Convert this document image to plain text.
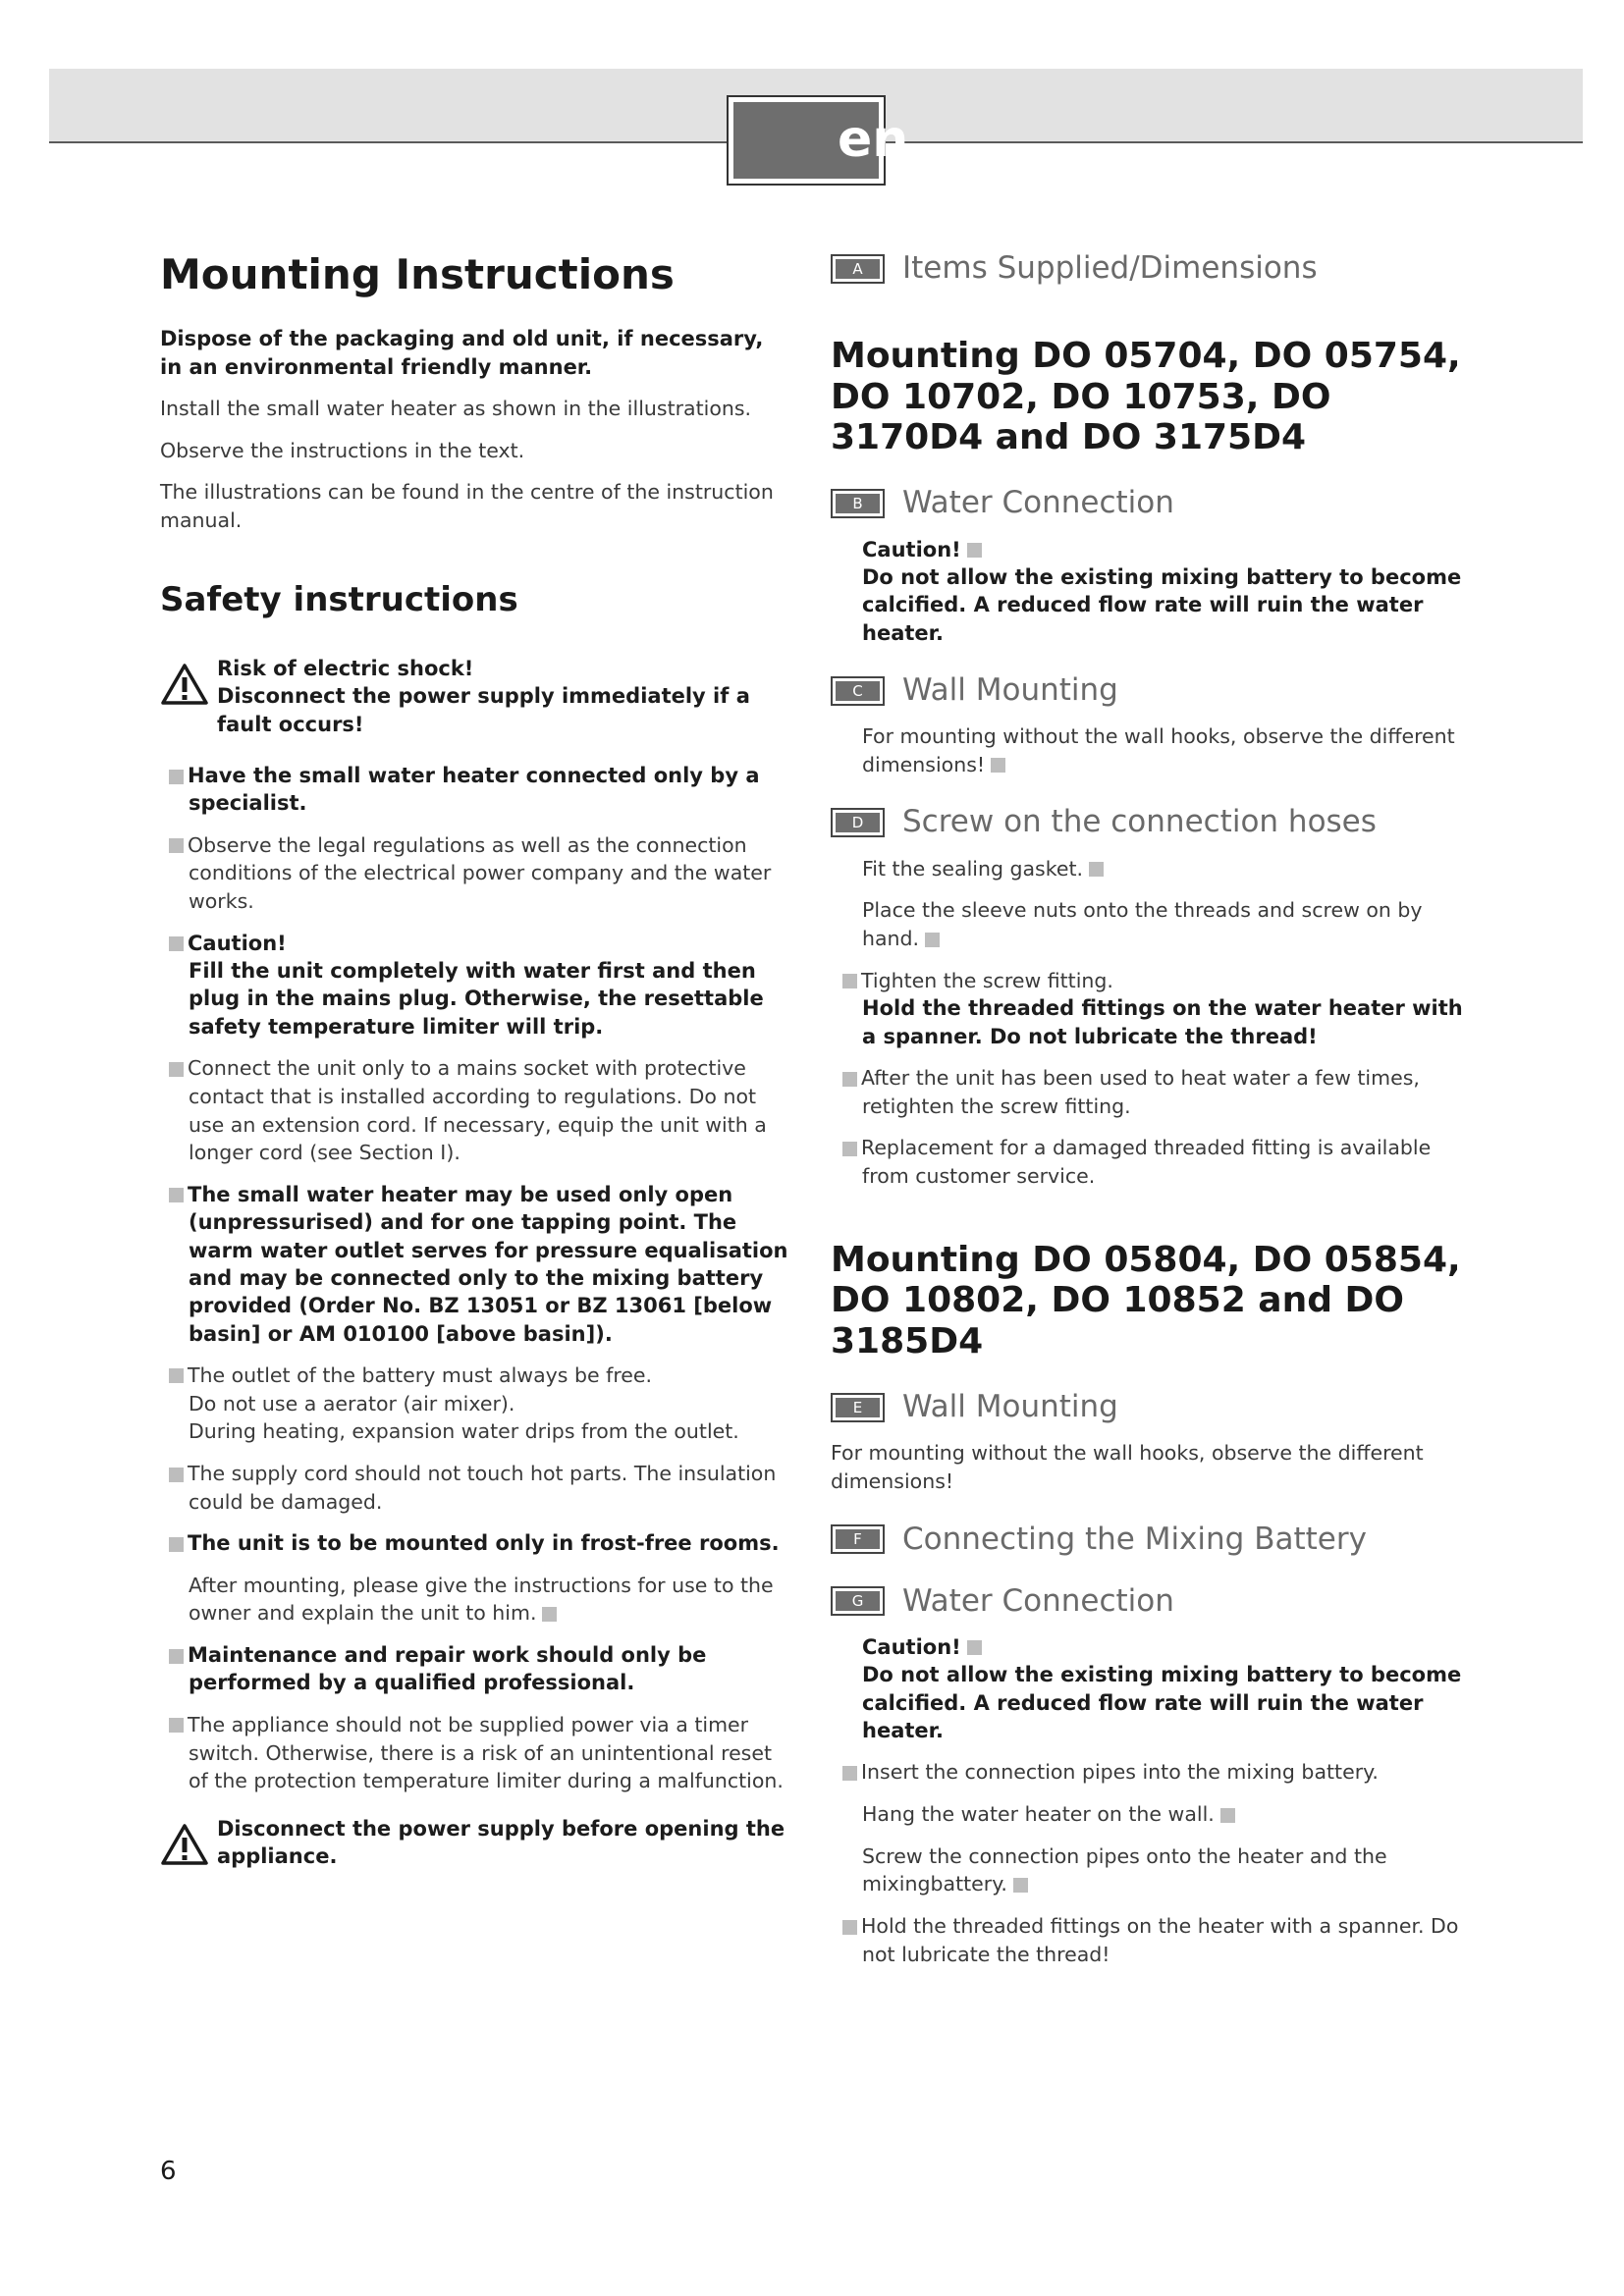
en
Mounting Instructions

Dispose of the packaging and old unit, if necessary, in an environmental friendly manner.

Install the small water heater as shown in the illustrations.

Observe the instructions in the text.

The illustrations can be found in the centre of the instruction manual.

Safety instructions

Risk of electric shock!

Disconnect the power supply immediately if a fault occurs!

Have the small water heater connected only by a specialist.

Observe the legal regulations as well as the connection conditions of the electrical power company and the water works.

Caution!

Fill the unit completely with water first and then plug in the mains plug. Otherwise, the resettable safety temperature limiter will trip.

Connect the unit only to a mains socket with protective contact that is installed according to regulations. Do not use an extension cord. If necessary, equip the unit with a longer cord (see Section I).

The small water heater may be used only open (unpressurised) and for one tapping point. The warm water outlet serves for pressure equalisation and may be connected only to the mixing battery provided (Order No. BZ 13051 or BZ 13061 [below basin] or AM 010100 [above basin]).

The outlet of the battery must always be free.

Do not use a aerator (air mixer).

During heating, expansion water drips from the outlet.

The supply cord should not touch hot parts. The insulation could be damaged.

The unit is to be mounted only in frost-free rooms.

After mounting, please give the instructions for use to the owner and explain the unit to him.

Maintenance and repair work should only be performed by a qualified professional.

The appliance should not be supplied power via a timer switch. Otherwise, there is a risk of an unintentional reset of the protection temperature limiter during a malfunction.

Disconnect the power supply before opening the appliance.

A	Items Supplied/Dimensions
Mounting DO 05704, DO 05754, DO 10702, DO 10753, DO 3170D4 and DO 3175D4
B	Water Connection

Caution!

Do not allow the existing mixing battery to become calcified. A reduced flow rate will ruin the water heater.

C	Wall Mounting

For mounting without the wall hooks, observe the different dimensions!

D	Screw on the connection hoses

Fit the sealing gasket.

Place the sleeve nuts onto the threads and screw on by hand.

Tighten the screw fitting.

Hold the threaded fittings on the water heater with a spanner. Do not lubricate the thread!

After the unit has been used to heat water a few times, retighten the screw fitting.

Replacement for a damaged threaded fitting is available from customer service.

Mounting DO 05804, DO 05854, DO 10802, DO 10852 and DO 3185D4
E	Wall Mounting

For mounting without the wall hooks, observe the different dimensions!

F	Connecting the Mixing Battery
G	Water Connection

Caution!

Do not allow the existing mixing battery to become calcified. A reduced flow rate will ruin the water heater.

Insert the connection pipes into the mixing battery.

Hang the water heater on the wall.

Screw the connection pipes onto the heater and the mixingbattery.

Hold the threaded fittings on the heater with a spanner. Do not lubricate the thread!

6
